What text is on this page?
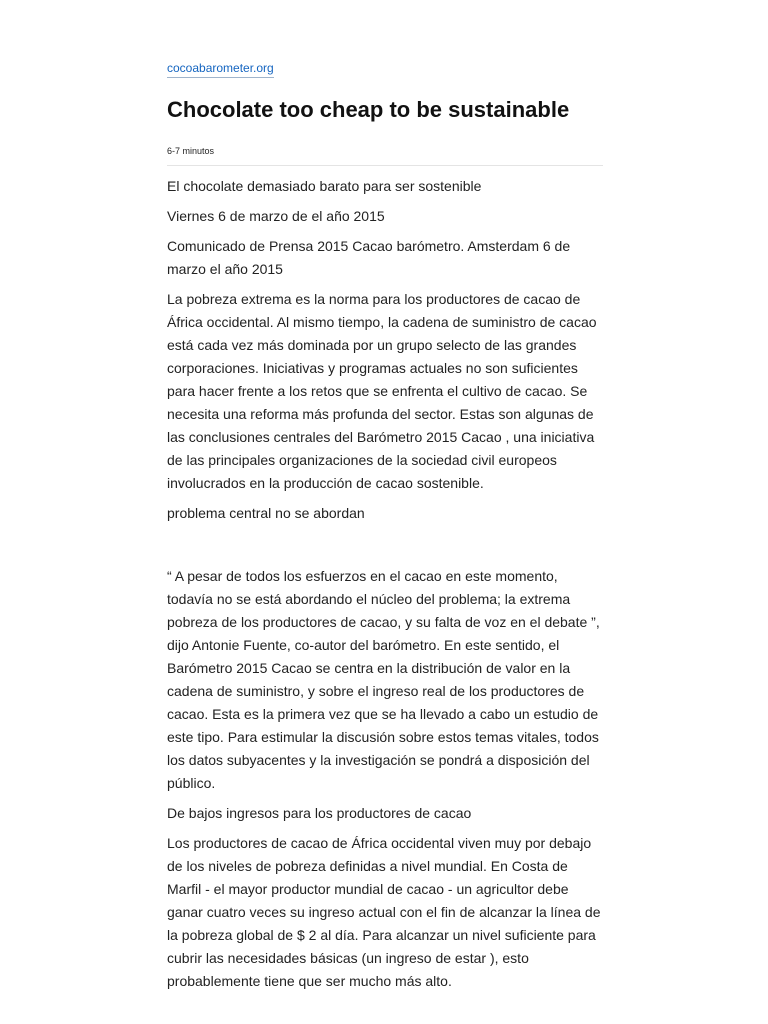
cocoabarometer.org
Chocolate too cheap to be sustainable
6-7 minutos

El chocolate demasiado barato para ser sostenible

Viernes 6 de marzo de el año 2015

Comunicado de Prensa 2015 Cacao barómetro. Amsterdam 6 de marzo el año 2015

La pobreza extrema es la norma para los productores de cacao de África occidental. Al mismo tiempo, la cadena de suministro de cacao está cada vez más dominada por un grupo selecto de las grandes corporaciones. Iniciativas y programas actuales no son suficientes para hacer frente a los retos que se enfrenta el cultivo de cacao. Se necesita una reforma más profunda del sector. Estas son algunas de las conclusiones centrales del Barómetro 2015 Cacao , una iniciativa de las principales organizaciones de la sociedad civil europeos involucrados en la producción de cacao sostenible.

problema central no se abordan

“ A pesar de todos los esfuerzos en el cacao en este momento, todavía no se está abordando el núcleo del problema; la extrema pobreza de los productores de cacao, y su falta de voz en el debate ”, dijo Antonie Fuente, co-autor del barómetro. En este sentido, el Barómetro 2015 Cacao se centra en la distribución de valor en la cadena de suministro, y sobre el ingreso real de los productores de cacao. Esta es la primera vez que se ha llevado a cabo un estudio de este tipo. Para estimular la discusión sobre estos temas vitales, todos los datos subyacentes y la investigación se pondrá a disposición del público.

De bajos ingresos para los productores de cacao

Los productores de cacao de África occidental viven muy por debajo de los niveles de pobreza definidas a nivel mundial. En Costa de Marfil - el mayor productor mundial de cacao - un agricultor debe ganar cuatro veces su ingreso actual con el fin de alcanzar la línea de la pobreza global de $ 2 al día. Para alcanzar un nivel suficiente para cubrir las necesidades básicas (un ingreso de estar ), esto probablemente tiene que ser mucho más alto.
